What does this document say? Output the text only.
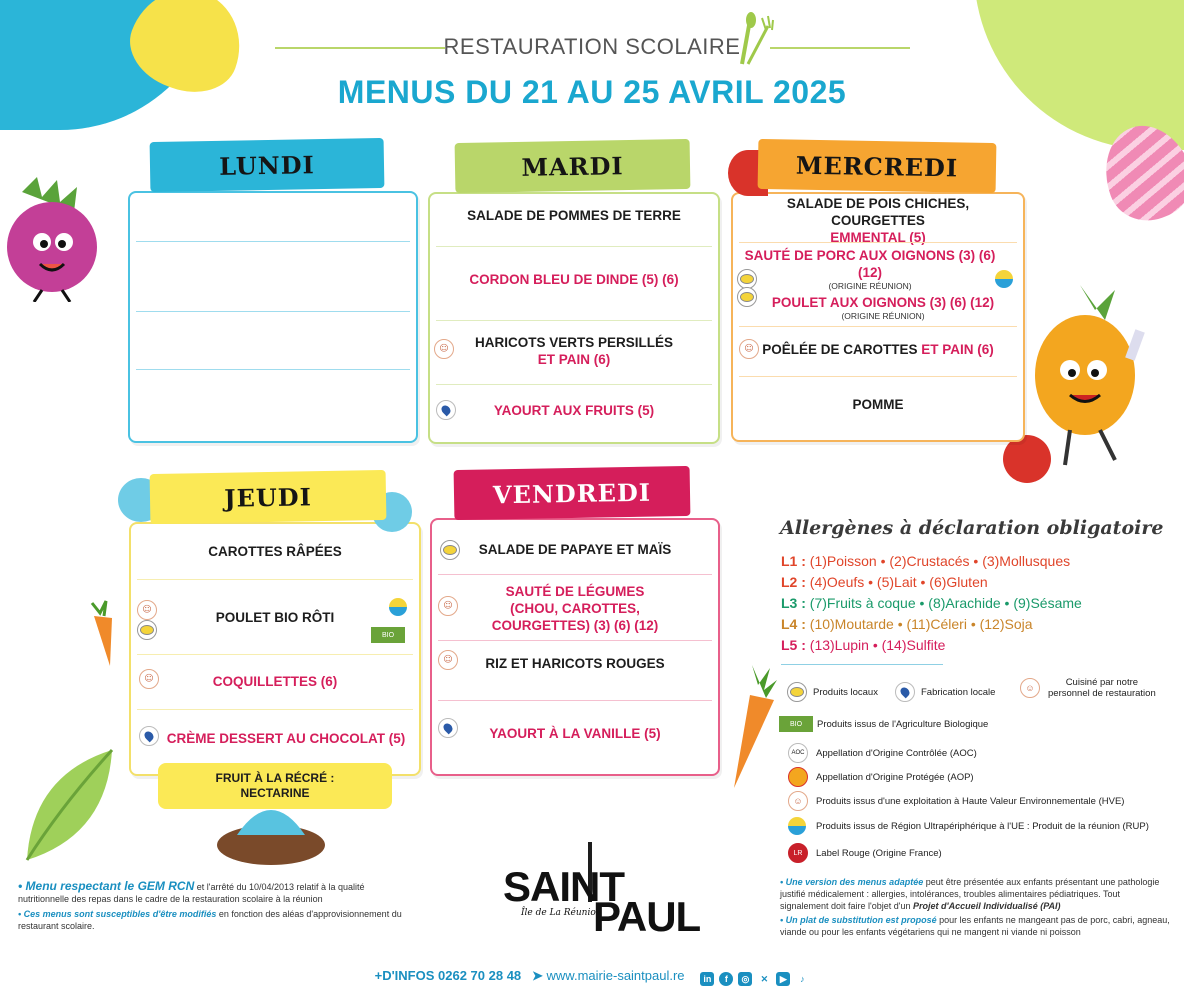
RESTAURATION SCOLAIRE
MENUS DU 21 AU 25 AVRIL 2025
LUNDI
SALADE DE POMMES DE TERRE
CORDON BLEU DE DINDE (5) (6)
HARICOTS VERTS PERSILLÉS
ET PAIN (6)
☺
YAOURT AUX FRUITS (5)
MARDI
SALADE DE POIS CHICHES, COURGETTES
EMMENTAL (5)
SAUTÉ DE PORC AUX OIGNONS (3) (6) (12)
(ORIGINE RÉUNION)
POULET AUX OIGNONS (3) (6) (12)
(ORIGINE RÉUNION)
POÊLÉE DE CAROTTES
ET PAIN (6)
☺
POMME
MERCREDI
CAROTTES RÂPÉES
POULET BIO RÔTI
☺
BIO
COQUILLETTES (6)
☺
CRÈME DESSERT AU CHOCOLAT (5)
JEUDI
FRUIT À LA RÉCRÉ :
NECTARINE
SALADE DE PAPAYE ET MAÏS
SAUTÉ DE LÉGUMES
(CHOU, CAROTTES,
COURGETTES) (3) (6) (12)
☺
RIZ ET HARICOTS ROUGES
☺
YAOURT À LA VANILLE (5)
VENDREDI
Allergènes à déclaration obligatoire
L1 : (1)Poisson • (2)Crustacés • (3)Mollusques
L2 : (4)Oeufs • (5)Lait • (6)Gluten
L3 : (7)Fruits à coque • (8)Arachide • (9)Sésame
L4 : (10)Moutarde • (11)Céleri • (12)Soja
L5 : (13)Lupin • (14)Sulfite
Produits locaux	Fabrication locale	☺	Cuisiné par notre
personnel de restauration
BIO	Produits issus de l'Agriculture Biologique
AOC	Appellation d'Origine Contrôlée (AOC)
Appellation d'Origine Protégée (AOP)
☺	Produits issus d'une exploitation à Haute Valeur Environnementale (HVE)
Produits issus de Région Ultrapériphérique à l'UE : Produit de la réunion (RUP)
LR	Label Rouge (Origine France)
• Menu respectant le GEM RCN et l'arrêté du 10/04/2013 relatif à la qualité nutritionnelle des repas dans le cadre de la restauration scolaire à la réunion
• Ces menus sont susceptibles d'être modifiés en fonction des aléas d'approvisionnement du restaurant scolaire.
• Une version des menus adaptée peut être présentée aux enfants présentant une pathologie justifié médicalement : allergies, intolérances, troubles alimentaires pédiatriques. Tout signalement doit faire l'objet d'un Projet d'Accueil Individualisé (PAI)
• Un plat de substitution est proposé pour les enfants ne mangeant pas de porc, cabri, agneau, viande ou pour les enfants végétariens qui ne mangent ni viande ni poisson
SAINT
Île de La Réunion
PAUL
+D'INFOS 0262 70 28 48 ➤ www.mairie-saintpaul.re in f ◎ ✕ ▶ ♪
